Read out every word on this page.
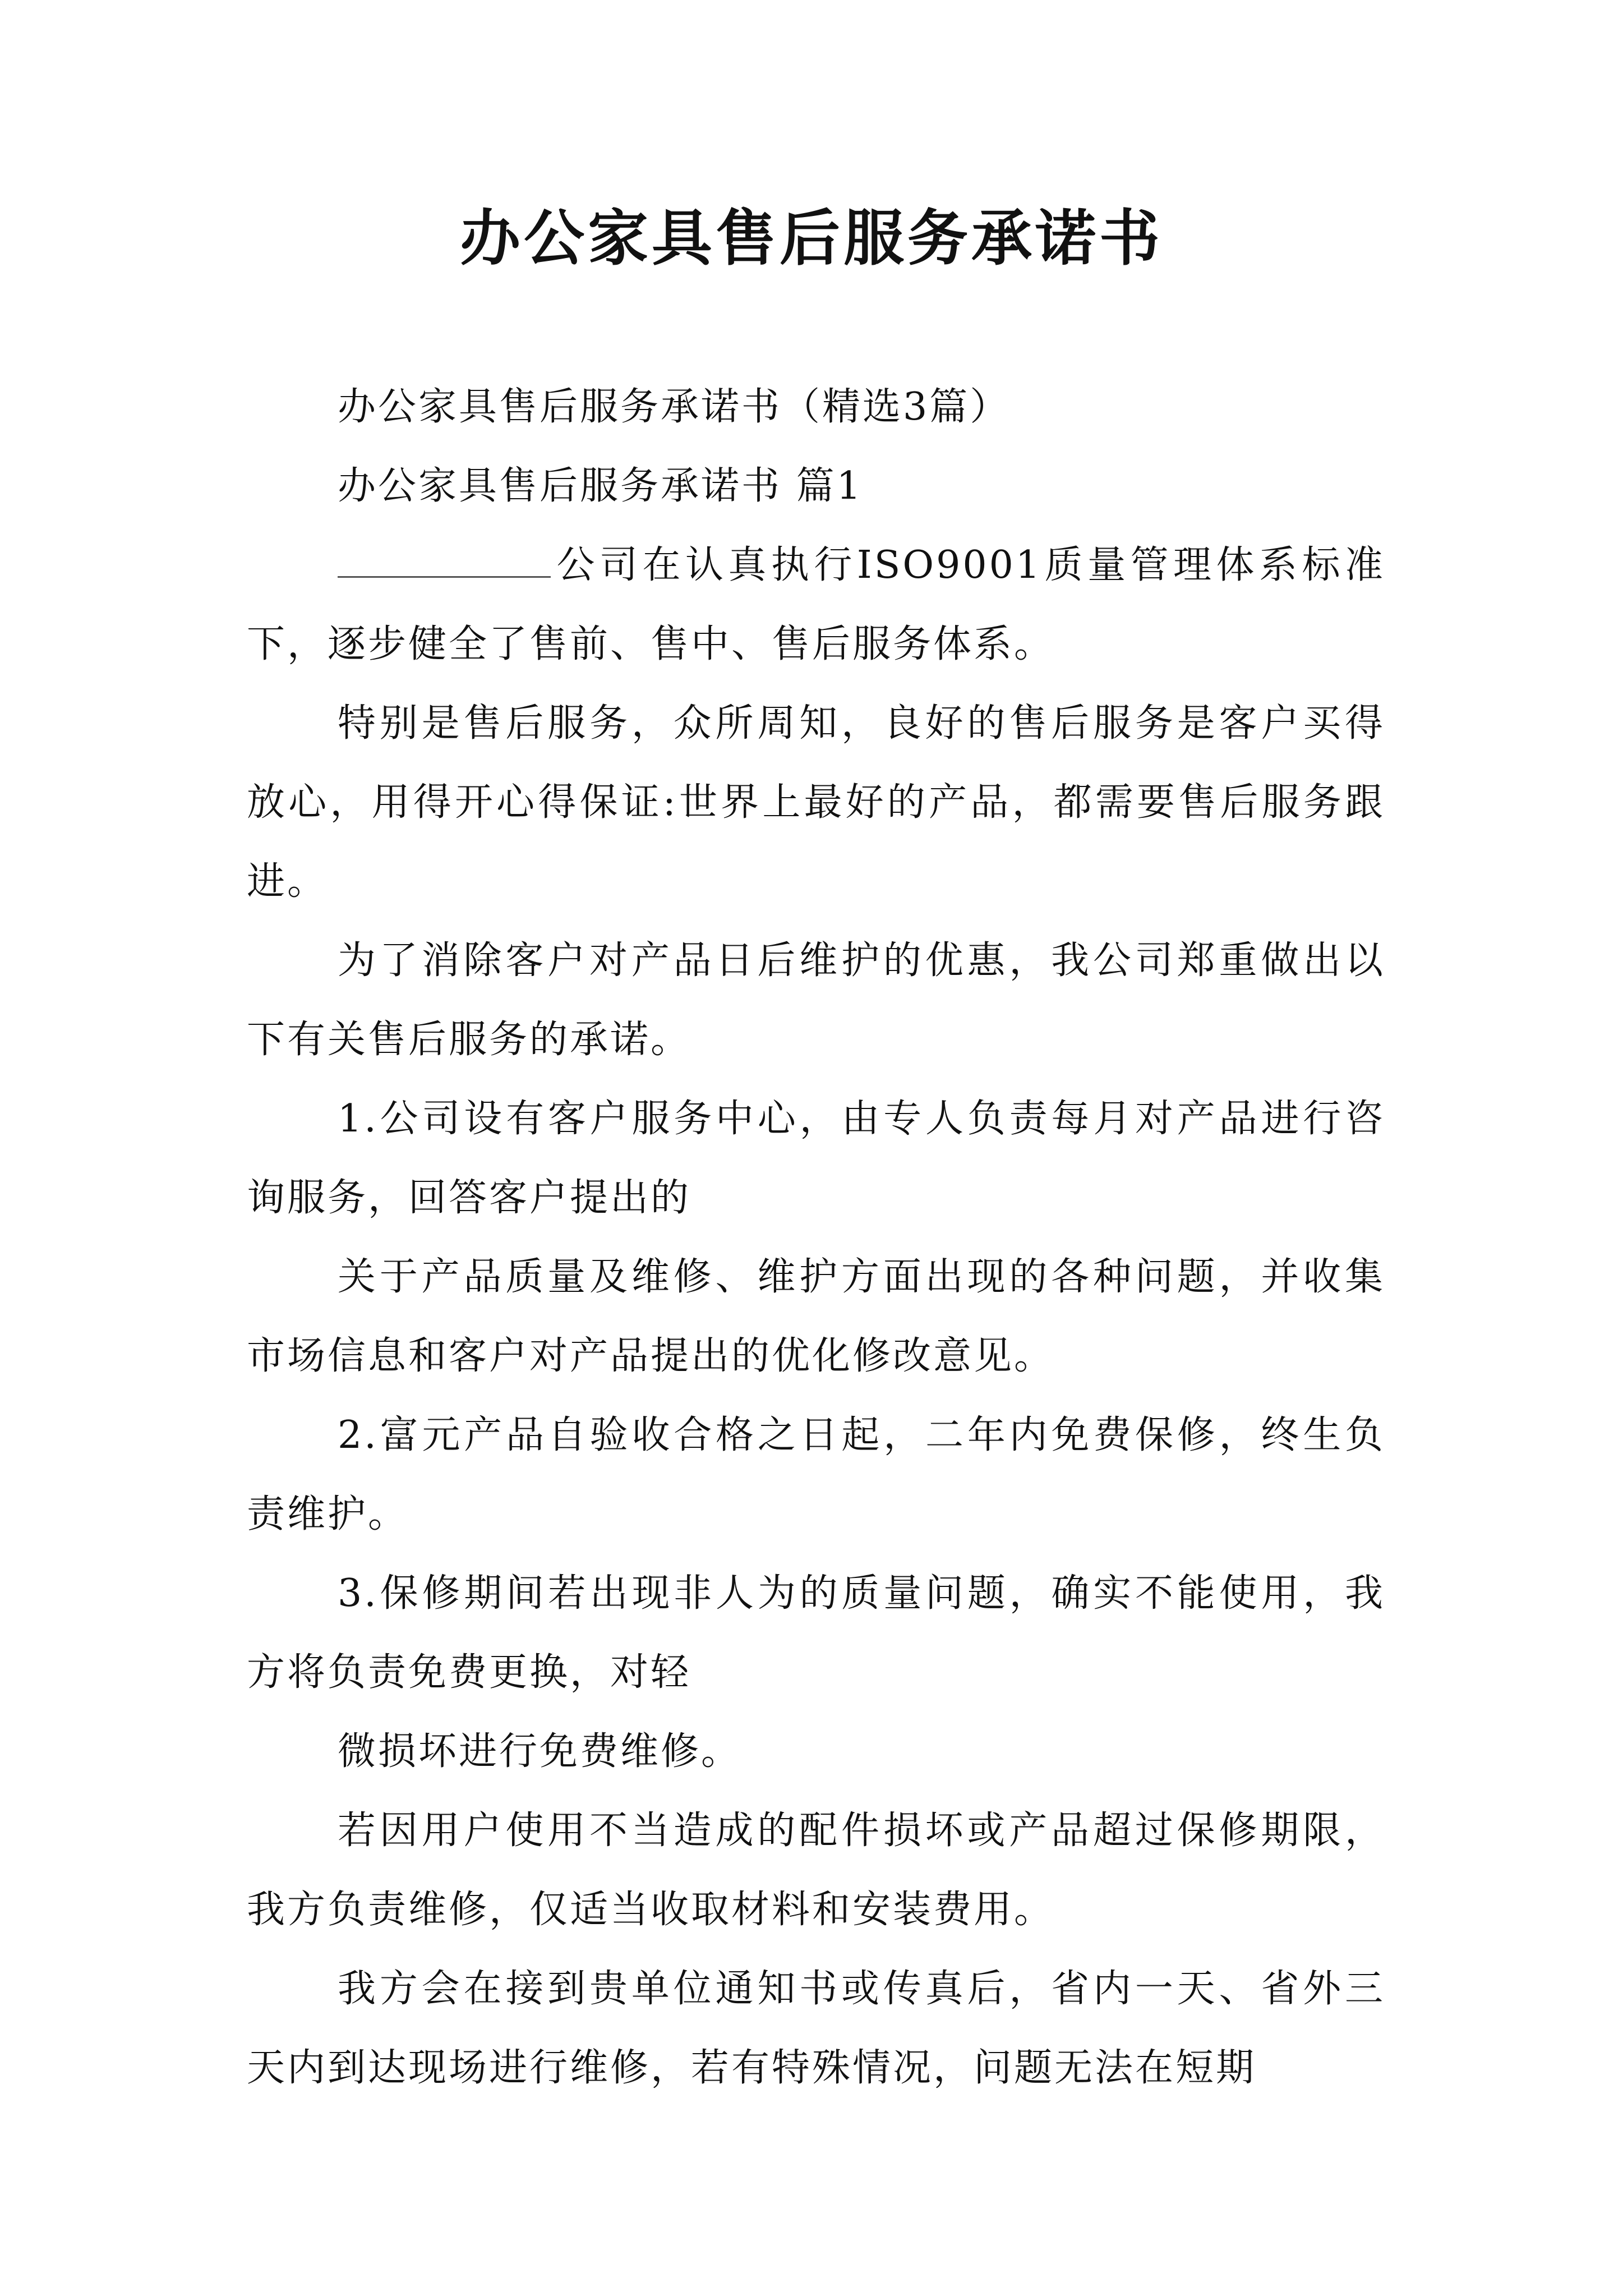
办公家具售后服务承诺书

办公家具售后服务承诺书（精选3篇）

办公家具售后服务承诺书 篇1

公司在认真执行ISO9001质量管理体系标准下，逐步健全了售前、售中、售后服务体系。

特别是售后服务，众所周知，良好的售后服务是客户买得放心，用得开心得保证:世界上最好的产品，都需要售后服务跟进。

为了消除客户对产品日后维护的优惠，我公司郑重做出以下有关售后服务的承诺。

1.公司设有客户服务中心，由专人负责每月对产品进行咨询服务，回答客户提出的

关于产品质量及维修、维护方面出现的各种问题，并收集市场信息和客户对产品提出的优化修改意见。

2.富元产品自验收合格之日起，二年内免费保修，终生负责维护。

3.保修期间若出现非人为的质量问题，确实不能使用，我方将负责免费更换，对轻

微损坏进行免费维修。

若因用户使用不当造成的配件损坏或产品超过保修期限，我方负责维修，仅适当收取材料和安装费用。

我方会在接到贵单位通知书或传真后，省内一天、省外三天内到达现场进行维修，若有特殊情况，问题无法在短期
